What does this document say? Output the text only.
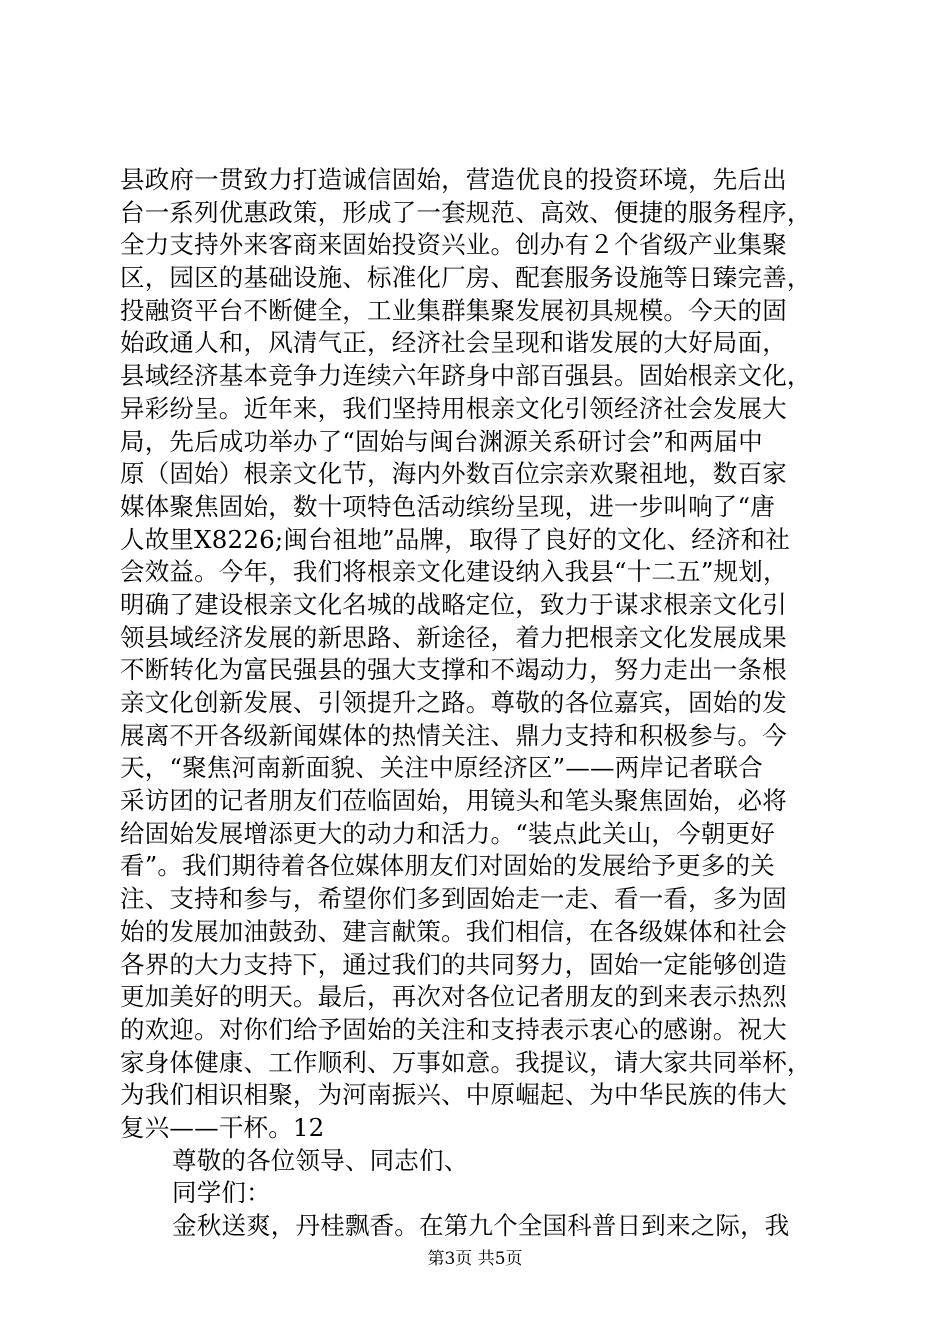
县政府一贯致力打造诚信固始，营造优良的投资环境，先后出
台一系列优惠政策，形成了一套规范、高效、便捷的服务程序，
全力支持外来客商来固始投资兴业。创办有２个省级产业集聚
区，园区的基础设施、标准化厂房、配套服务设施等日臻完善，
投融资平台不断健全，工业集群集聚发展初具规模。今天的固
始政通人和，风清气正，经济社会呈现和谐发展的大好局面，
县域经济基本竞争力连续六年跻身中部百强县。固始根亲文化，
异彩纷呈。近年来，我们坚持用根亲文化引领经济社会发展大
局，先后成功举办了“固始与闽台渊源关系研讨会”和两届中
原（固始）根亲文化节，海内外数百位宗亲欢聚祖地，数百家
媒体聚焦固始，数十项特色活动缤纷呈现，进一步叫响了“唐
人故里X8226;闽台祖地”品牌，取得了良好的文化、经济和社
会效益。今年，我们将根亲文化建设纳入我县“十二五”规划，
明确了建设根亲文化名城的战略定位，致力于谋求根亲文化引
领县域经济发展的新思路、新途径，着力把根亲文化发展成果
不断转化为富民强县的强大支撑和不竭动力，努力走出一条根
亲文化创新发展、引领提升之路。尊敬的各位嘉宾，固始的发
展离不开各级新闻媒体的热情关注、鼎力支持和积极参与。今
天，“聚焦河南新面貌、关注中原经济区”——两岸记者联合
采访团的记者朋友们莅临固始，用镜头和笔头聚焦固始，必将
给固始发展增添更大的动力和活力。“装点此关山，今朝更好
看”。我们期待着各位媒体朋友们对固始的发展给予更多的关
注、支持和参与，希望你们多到固始走一走、看一看，多为固
始的发展加油鼓劲、建言献策。我们相信，在各级媒体和社会
各界的大力支持下，通过我们的共同努力，固始一定能够创造
更加美好的明天。最后，再次对各位记者朋友的到来表示热烈
的欢迎。对你们给予固始的关注和支持表示衷心的感谢。祝大
家身体健康、工作顺利、万事如意。我提议，请大家共同举杯，
为我们相识相聚，为河南振兴、中原崛起、为中华民族的伟大
复兴——干杯。12
尊敬的各位领导、同志们、
同学们：
金秋送爽，丹桂飘香。在第九个全国科普日到来之际，我
第3页 共5页
